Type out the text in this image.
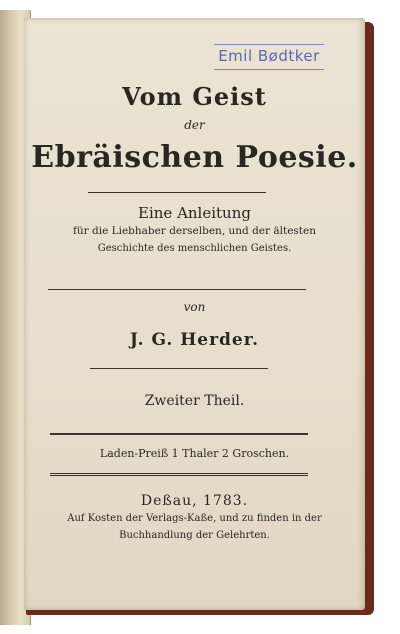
Emil Bødtker
Vom Geist
der
Ebräischen Poesie.
Eine Anleitung
für die Liebhaber derselben, und der ältesten
Geschichte des menschlichen Geistes.
von
J. G. Herder.
Zweiter Theil.
Laden-Preiß 1 Thaler 2 Groschen.
Deßau, 1783.
Auf Kosten der Verlags-Kaße, und zu finden in der
Buchhandlung der Gelehrten.
